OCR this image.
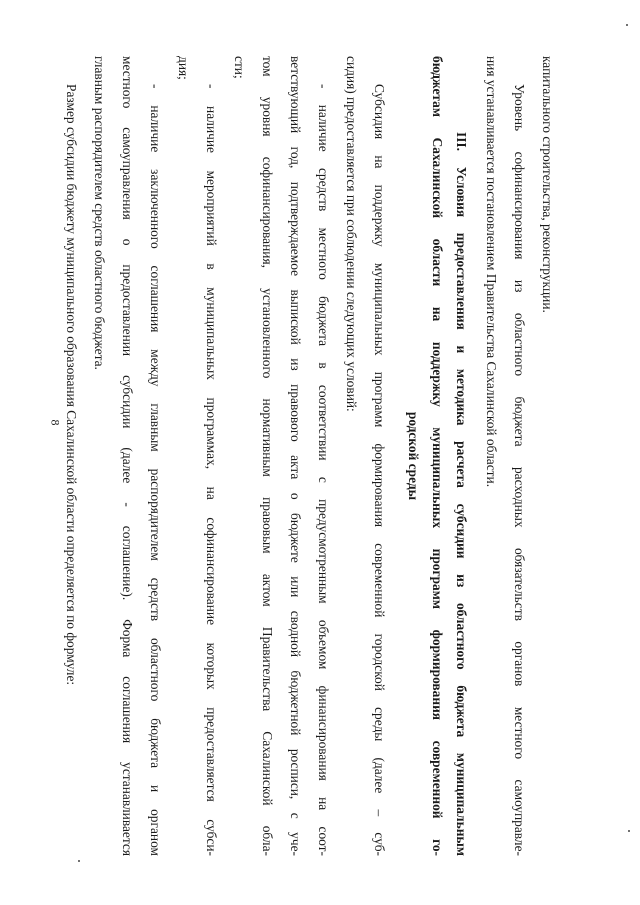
8
капитального строительства, реконструкции.
Уровень софинансирования из областного бюджета расходных обязательств органов местного самоуправле-
ния устанавливается постановлением Правительства Сахалинской области.
III. Условия предоставления и методика расчета субсидии из областного бюджета муниципальным
бюджетам Сахалинской области на поддержку муниципальных программ формирования современной го-
родской среды
Субсидия на поддержку муниципальных программ формирования современной городской среды (далее – суб-
сидия) предоставляется при соблюдении следующих условий:
- наличие средств местного бюджета в соответствии с предусмотренным объемом финансирования на соот-
ветствующий год, подтверждаемое выпиской из правового акта о бюджете или сводной бюджетной росписи, с уче-
том уровня софинансирования, установленного нормативным правовым актом Правительства Сахалинской обла-
сти;
- наличие мероприятий в муниципальных программах, на софинансирование которых предоставляется субси-
дия;
- наличие заключенного соглашения между главным распорядителем средств областного бюджета и органом
местного самоуправления о предоставлении субсидии (далее - соглашение). Форма соглашения устанавливается
главным распорядителем средств областного бюджета.
Размер субсидии бюджету муниципального образования Сахалинской области определяется по формуле:
